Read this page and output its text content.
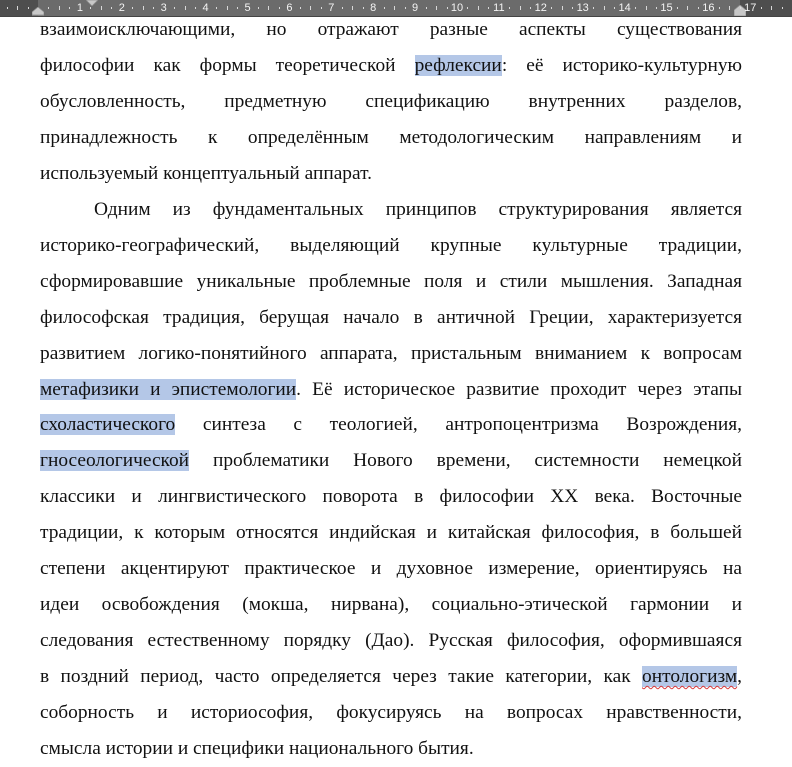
1	2	3	4	5	6	7	8	9	10	11	12	13	14	15	16	17
взаимоисключающими, но отражают разные аспекты существования
философии как формы теоретической рефлексии: её историко-культурную
обусловленность, предметную спецификацию внутренних разделов,
принадлежность к определённым методологическим направлениям и
используемый концептуальный аппарат.
Одним из фундаментальных принципов структурирования является
историко-географический, выделяющий крупные культурные традиции,
сформировавшие уникальные проблемные поля и стили мышления. Западная
философская традиция, берущая начало в античной Греции, характеризуется
развитием логико-понятийного аппарата, пристальным вниманием к вопросам
метафизики и эпистемологии. Её историческое развитие проходит через этапы
схоластического синтеза с теологией, антропоцентризма Возрождения,
гносеологической проблематики Нового времени, системности немецкой
классики и лингвистического поворота в философии XX века. Восточные
традиции, к которым относятся индийская и китайская философия, в большей
степени акцентируют практическое и духовное измерение, ориентируясь на
идеи освобождения (мокша, нирвана), социально-этической гармонии и
следования естественному порядку (Дао). Русская философия, оформившаяся
в поздний период, часто определяется через такие категории, как онтологизм,
соборность и историософия, фокусируясь на вопросах нравственности,
смысла истории и специфики национального бытия.
